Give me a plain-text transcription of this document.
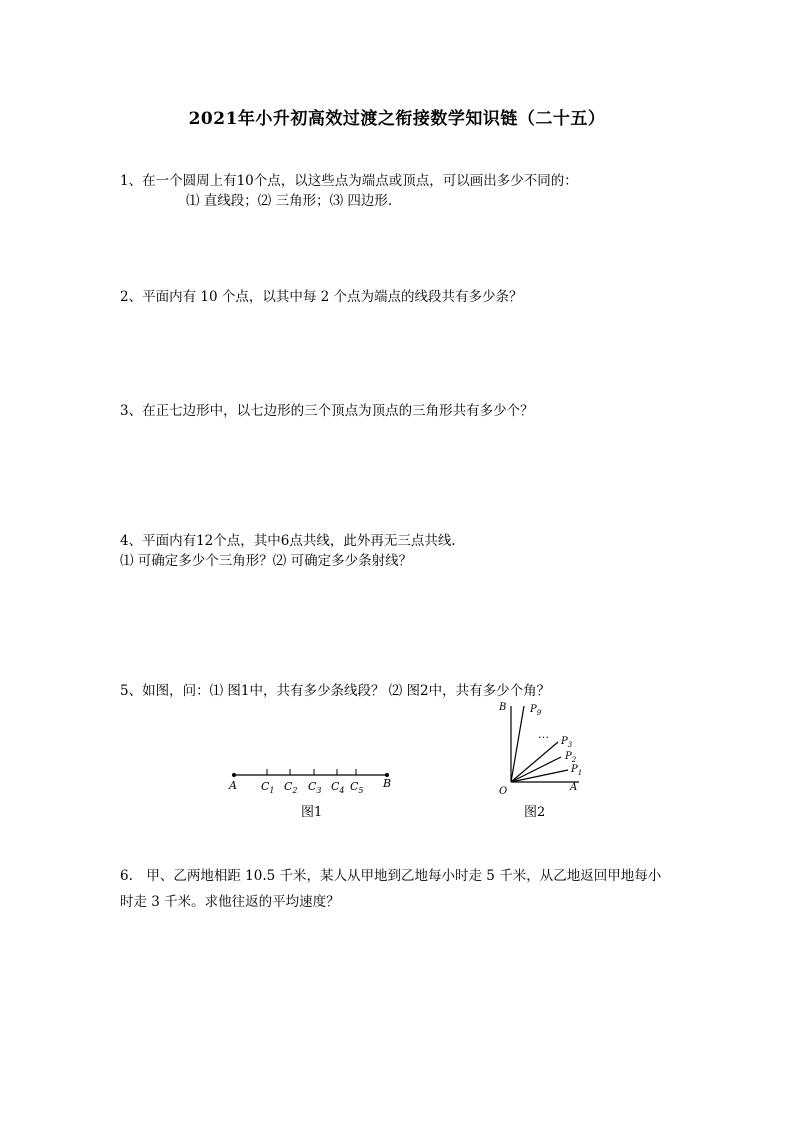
2021年小升初高效过渡之衔接数学知识链（二十五）
1、在一个圆周上有10个点，以这些点为端点或顶点，可以画出多少不同的：
⑴ 直线段；⑵ 三角形；⑶ 四边形.
2、平面内有 10 个点，以其中每 2 个点为端点的线段共有多少条？
3、在正七边形中，以七边形的三个顶点为顶点的三角形共有多少个？
4、平面内有12个点，其中6点共线，此外再无三点共线.
⑴ 可确定多少个三角形？⑵ 可确定多少条射线？
5、如图，问：⑴ 图1中，共有多少条线段？ ⑵ 图2中，共有多少个角？
A	B
$C_1$ $C_2$ $C_3$ $C_4$ $C_5$
图1
…
B $P_9$
$P_3$
$P_2$
$P_1$
A
O
图2
6.　甲、乙两地相距 10.5 千米，某人从甲地到乙地每小时走 5 千米，从乙地返回甲地每小
时走 3 千米。求他往返的平均速度？
